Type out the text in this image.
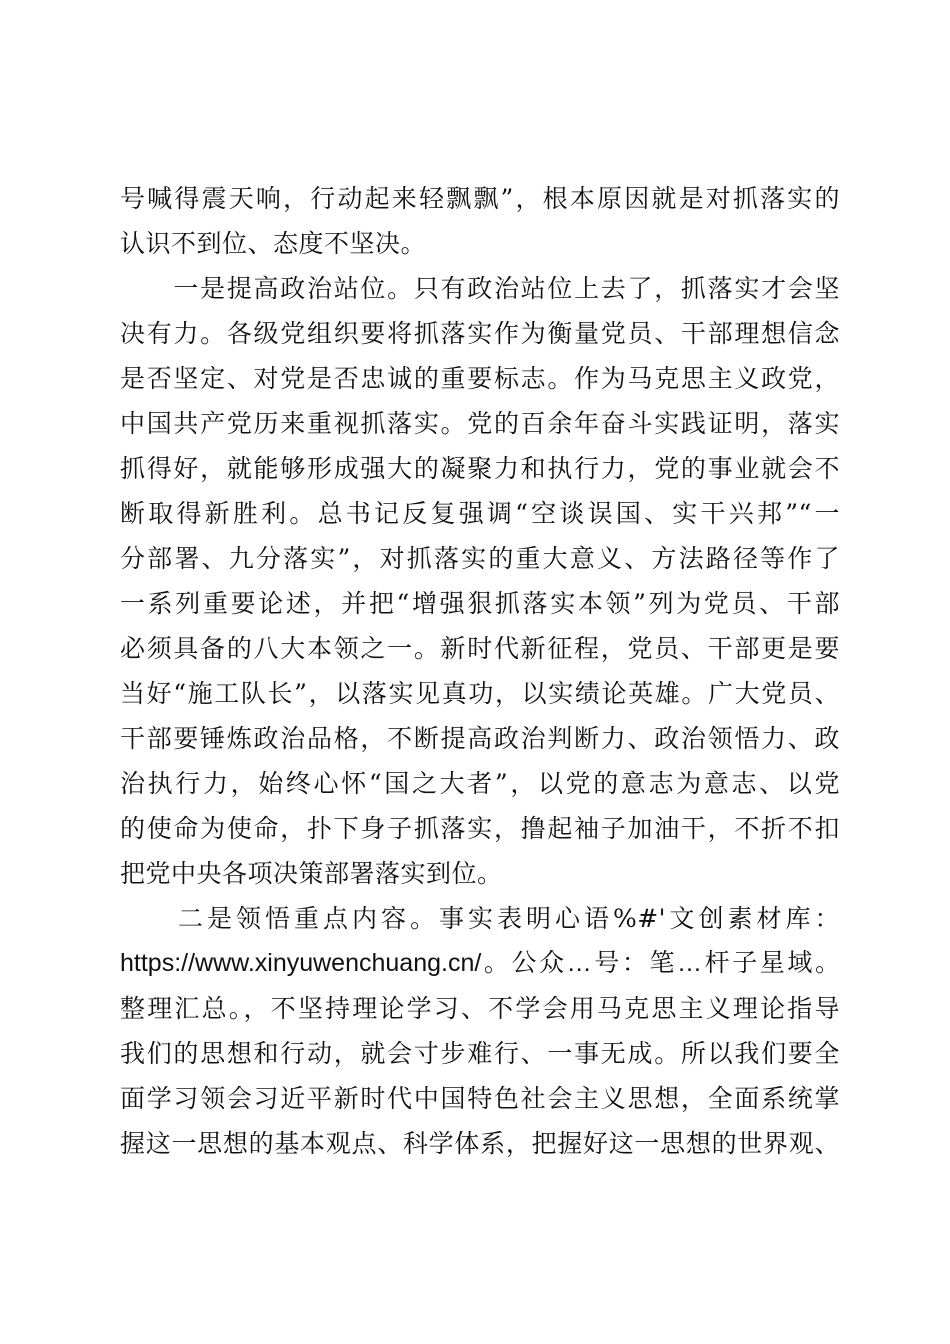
号喊得震天响，行动起来轻飘飘”，根本原因就是对抓落实的
认识不到位、态度不坚决。
　　一是提高政治站位。只有政治站位上去了，抓落实才会坚
决有力。各级党组织要将抓落实作为衡量党员、干部理想信念
是否坚定、对党是否忠诚的重要标志。作为马克思主义政党，
中国共产党历来重视抓落实。党的百余年奋斗实践证明，落实
抓得好，就能够形成强大的凝聚力和执行力，党的事业就会不
断取得新胜利。总书记反复强调“空谈误国、实干兴邦”“一
分部署、九分落实”，对抓落实的重大意义、方法路径等作了
一系列重要论述，并把“增强狠抓落实本领”列为党员、干部
必须具备的八大本领之一。新时代新征程，党员、干部更是要
当好“施工队长”，以落实见真功，以实绩论英雄。广大党员、
干部要锤炼政治品格，不断提高政治判断力、政治领悟力、政
治执行力，始终心怀“国之大者”，以党的意志为意志、以党
的使命为使命，扑下身子抓落实，撸起袖子加油干，不折不扣
把党中央各项决策部署落实到位。
　　二是领悟重点内容。事实表明心语%#'文创素材库：
https://www.xinyuwenchuang.cn/。公众…号：笔…杆子星域。
整理汇总。，不坚持理论学习、不学会用马克思主义理论指导
我们的思想和行动，就会寸步难行、一事无成。所以我们要全
面学习领会习近平新时代中国特色社会主义思想，全面系统掌
握这一思想的基本观点、科学体系，把握好这一思想的世界观、
